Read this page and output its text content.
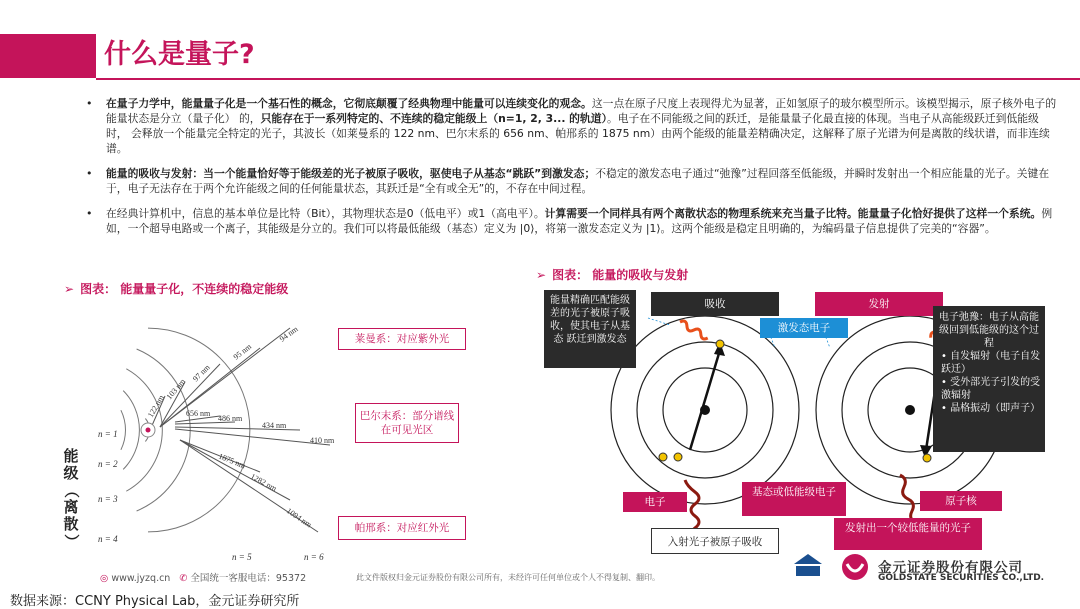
什么是量子?
• 在量子力学中，能量量子化是一个基石性的概念，它彻底颠覆了经典物理中能量可以连续变化的观念。这一点在原子尺度上表现得尤为显著，正如氢原子的玻尔模型所示。该模型揭示，原子核外电子的能量状态是分立（量子化） 的，只能存在于一系列特定的、不连续的稳定能级上（n=1, 2, 3... 的轨道）。电子在不同能级之间的跃迁，是能量量子化最直接的体现。当电子从高能级跃迁到低能级时， 会释放一个能量完全特定的光子，其波长（如莱曼系的 122 nm、巴尔末系的 656 nm、帕邢系的 1875 nm）由两个能级的能量差精确决定，这解释了原子光谱为何是离散的线状谱，而非连续谱。
• 能量的吸收与发射：当一个能量恰好等于能级差的光子被原子吸收，驱使电子从基态“跳跃”到激发态；不稳定的激发态电子通过“弛豫”过程回落至低能级，并瞬时发射出一个相应能量的光子。关键在于，电子无法存在于两个允许能级之间的任何能量状态，其跃迁是“全有或全无”的，不存在中间过程。
• 在经典计算机中，信息的基本单位是比特（Bit），其物理状态是0（低电平）或1（高电平）。计算需要一个同样具有两个离散状态的物理系统来充当量子比特。能量量子化恰好提供了这样一个系统。例如，一个超导电路或一个离子，其能级是分立的。我们可以将最低能级（基态）定义为 |0⟩，将第一激发态定义为 |1⟩。这两个能级是稳定且明确的，为编码量子信息提供了完美的“容器”。
➢ 图表： 能量量子化，不连续的稳定能级
122 nm
103 nm
97 nm
95 nm
94 nm
656 nm
486 nm
434 nm
410 nm
1875 nm
1282 nm
1094 nm
n = 1
n = 2
n = 3
n = 4
n = 5	n = 6
能
级
（
离
散
）
莱曼系：对应紫外光
巴尔末系：部分谱线在可见光区
帕邢系：对应红外光
➢ 图表： 能量的吸收与发射
能量精确匹配能级差的光子被原子吸收，使其电子从基态 跃迁到激发态
吸收	发射
激发态电子
电子弛豫：电子从高能级回到低能级的这个过程
• 自发辐射（电子自发跃迁）
• 受外部光子引发的受激辐射
• 晶格振动（即声子）
电子
基态或低能级电子
原子核
入射光子被原子吸收
发射出一个较低能量的光子
◎ www.jyzq.cn ✆ 全国统一客服电话：95372	此文件版权归金元证券股份有限公司所有，未经许可任何单位或个人不得复制、翻印。
金元证券股份有限公司
GOLDSTATE SECURITIES CO.,LTD.
数据来源：CCNY Physical Lab，金元证券研究所
